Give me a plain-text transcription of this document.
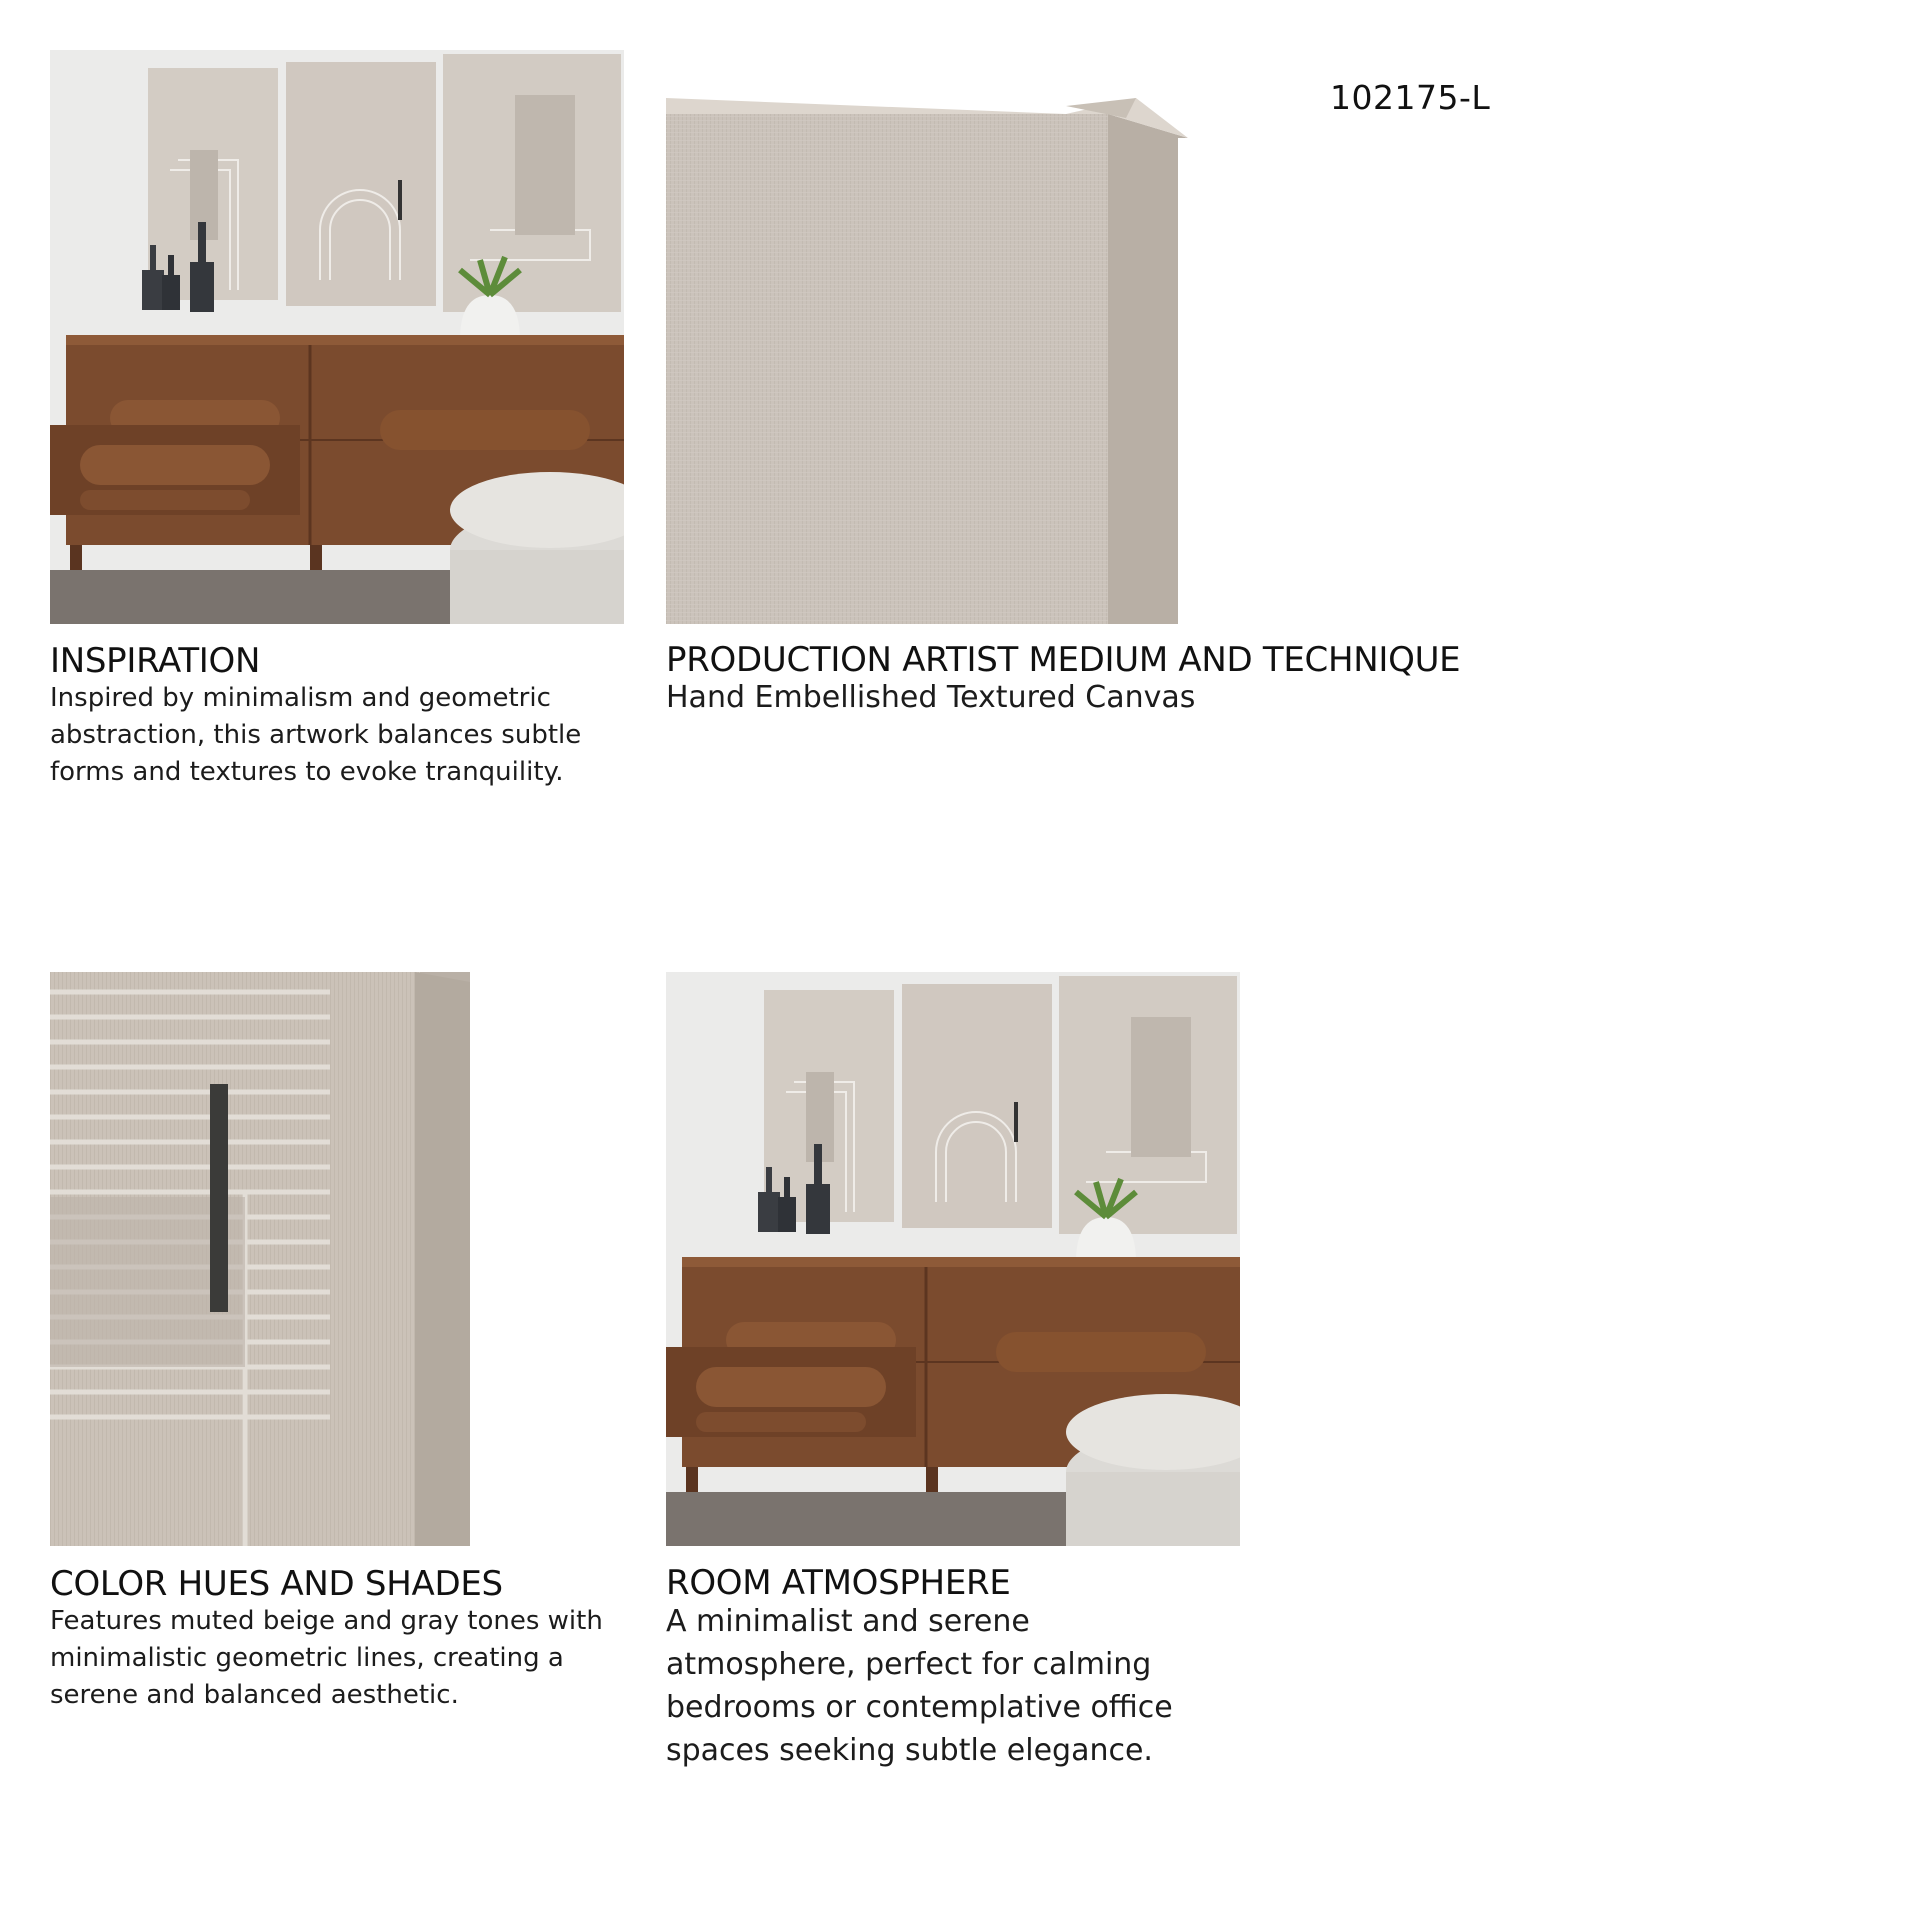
102175-L
INSPIRATION
Inspired by minimalism and geometric abstraction, this artwork balances subtle forms and textures to evoke tranquility.
PRODUCTION ARTIST MEDIUM AND TECHNIQUE
Hand Embellished Textured Canvas
COLOR HUES AND SHADES
Features muted beige and gray tones with minimalistic geometric lines, creating a serene and balanced aesthetic.
ROOM ATMOSPHERE
A minimalist and serene atmosphere, perfect for calming bedrooms or contemplative office spaces seeking subtle elegance.
